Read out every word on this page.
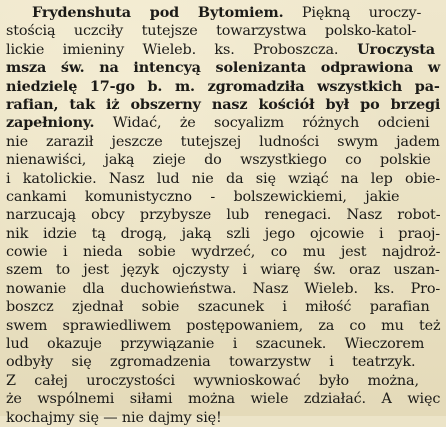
Frydenshuta pod Bytomiem. Piękną uroczy-
stością uczciły tutejsze towarzystwa polsko-katol-
lickie imieniny Wieleb. ks. Proboszcza. Uroczysta
msza św. na intencyą solenizanta odprawiona w
niedzielę 17-go b. m. zgromadziła wszystkich pa-
rafian, tak iż obszerny nasz kościół był po brzegi
zapełniony. Widać, że socyalizm różnych odcieni
nie zaraził jeszcze tutejszej ludności swym jadem
nienawiści, jaką zieje do wszystkiego co polskie
i katolickie. Nasz lud nie da się wziąć na lep obie-
cankami komunistyczno - bolszewickiemi, jakie
narzucają obcy przybysze lub renegaci. Nasz robot-
nik idzie tą drogą, jaką szli jego ojcowie i praoj-
cowie i nieda sobie wydrzeć, co mu jest najdroż-
szem to jest język ojczysty i wiarę św. oraz uszan-
nowanie dla duchowieństwa. Nasz Wieleb. ks. Pro-
boszcz zjednał sobie szacunek i miłość parafian
swem sprawiedliwem postępowaniem, za co mu też
lud okazuje przywiązanie i szacunek. Wieczorem
odbyły się zgromadzenia towarzystw i teatrzyk.
Z całej uroczystości wywnioskować było można,
że wspólnemi siłami można wiele zdziałać. A więc
kochajmy się — nie dajmy się!
